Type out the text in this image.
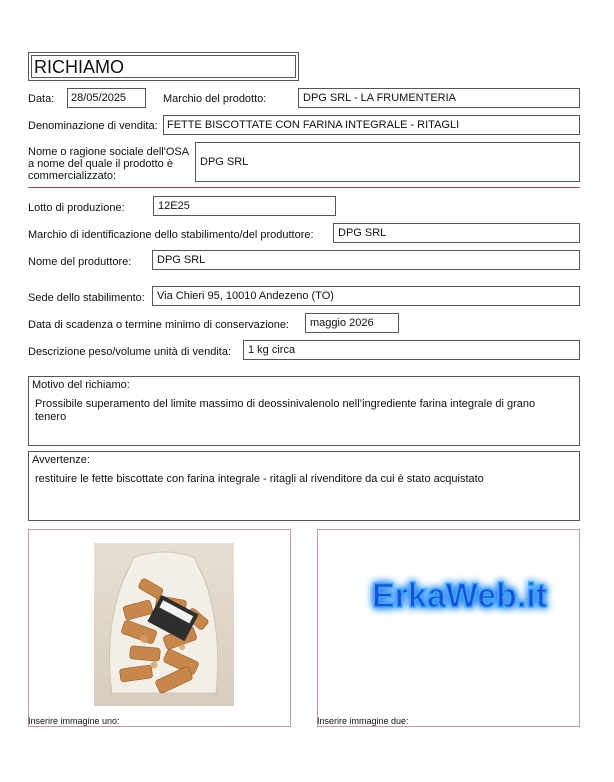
RICHIAMO
Data: 28/05/2025	Marchio del prodotto:	DPG SRL - LA FRUMENTERIA
Denominazione di vendita: FETTE BISCOTTATE CON FARINA INTEGRALE - RITAGLI
Nome o ragione sociale dell'OSA
a nome del quale il prodotto è
commercializzato:
DPG SRL
Lotto di produzione:	12E25
Marchio di identificazione dello stabilimento/del produttore: DPG SRL
Nome del produttore: DPG SRL
Sede dello stabilimento: Via Chieri 95, 10010 Andezeno (TO)
Data di scadenza o termine minimo di conservazione: maggio 2026
Descrizione peso/volume unità di vendita: 1 kg circa
Motivo del richiamo:
Prossibile superamento del limite massimo di deossinivalenolo nell’ingrediente farina integrale di grano tenero
Avvertenze:
restituire le fette biscottate con farina integrale - ritagli al rivenditore da cui è stato acquistato
Inserire immagine uno:
ErkaWeb.it
Inserire immagine due:
